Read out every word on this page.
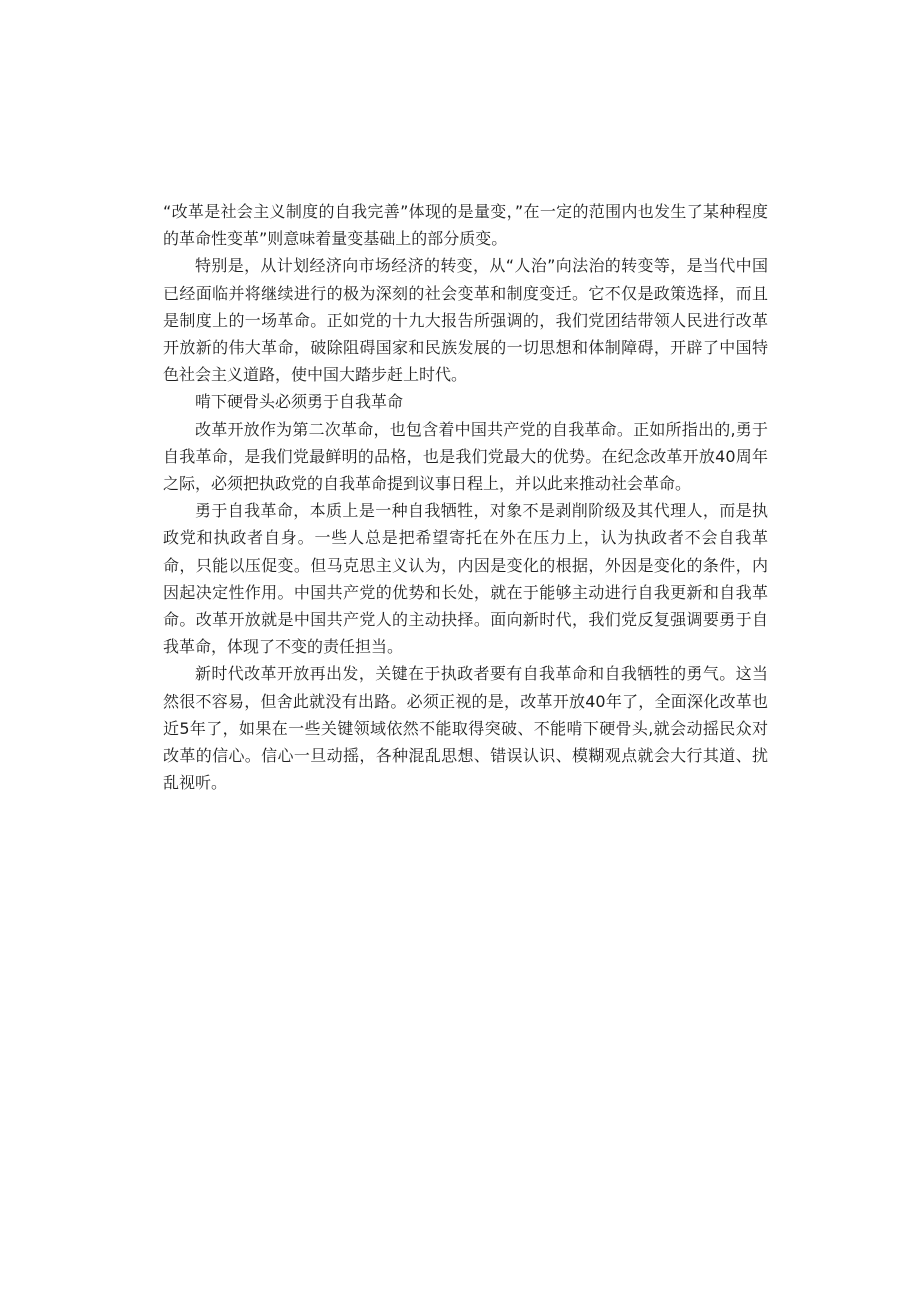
“改革是社会主义制度的自我完善”体现的是量变，”在一定的范围内也发生了某种程度的革命性变革”则意味着量变基础上的部分质变。

特别是，从计划经济向市场经济的转变，从“人治”向法治的转变等，是当代中国已经面临并将继续进行的极为深刻的社会变革和制度变迁。它不仅是政策选择，而且是制度上的一场革命。正如党的十九大报告所强调的，我们党团结带领人民进行改革开放新的伟大革命，破除阻碍国家和民族发展的一切思想和体制障碍，开辟了中国特色社会主义道路，使中国大踏步赶上时代。

啃下硬骨头必须勇于自我革命

改革开放作为第二次革命，也包含着中国共产党的自我革命。正如所指出的,勇于自我革命，是我们党最鲜明的品格，也是我们党最大的优势。在纪念改革开放40周年之际，必须把执政党的自我革命提到议事日程上，并以此来推动社会革命。

勇于自我革命，本质上是一种自我牺牲，对象不是剥削阶级及其代理人，而是执政党和执政者自身。一些人总是把希望寄托在外在压力上，认为执政者不会自我革命，只能以压促变。但马克思主义认为，内因是变化的根据，外因是变化的条件，内因起决定性作用。中国共产党的优势和长处，就在于能够主动进行自我更新和自我革命。改革开放就是中国共产党人的主动抉择。面向新时代，我们党反复强调要勇于自我革命，体现了不变的责任担当。

新时代改革开放再出发，关键在于执政者要有自我革命和自我牺牲的勇气。这当然很不容易，但舍此就没有出路。必须正视的是，改革开放40年了，全面深化改革也近5年了，如果在一些关键领域依然不能取得突破、不能啃下硬骨头,就会动摇民众对改革的信心。信心一旦动摇，各种混乱思想、错误认识、模糊观点就会大行其道、扰乱视听。
